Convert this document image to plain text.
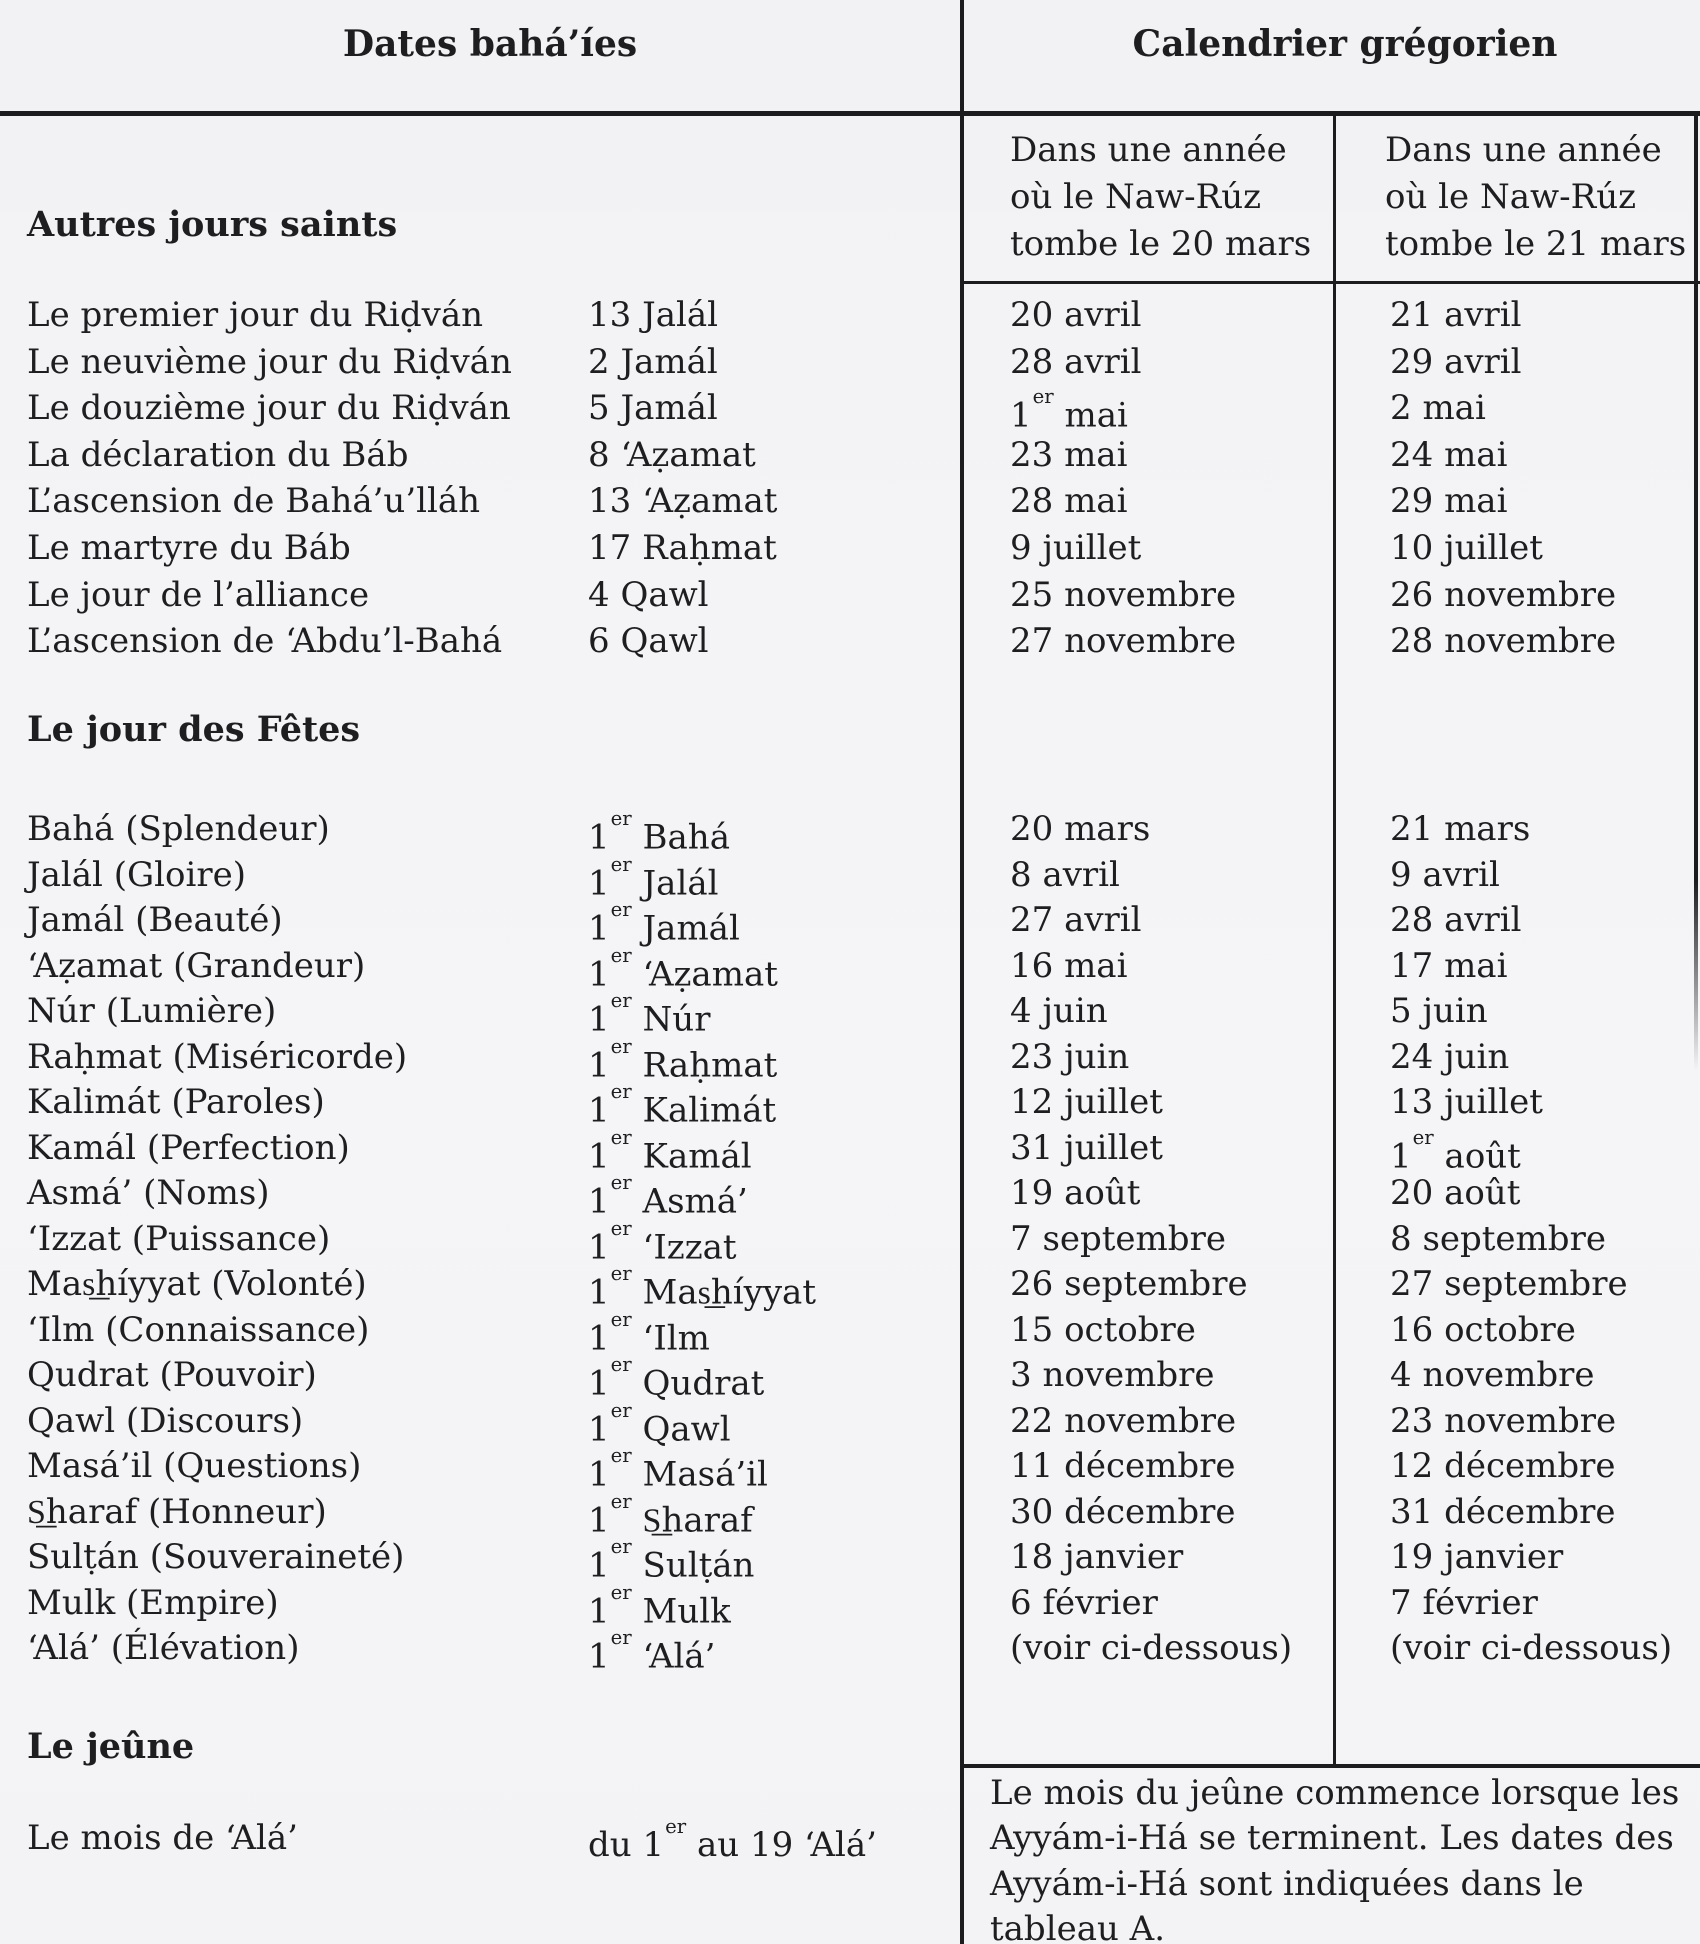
Dates bahá’íes	Calendrier grégorien
Dans une année
où le Naw-Rúz
tombe le 20 mars
Dans une année
où le Naw-Rúz
tombe le 21 mars
Autres jours saints
Le premier jour du Riḍván
Le neuvième jour du Riḍván
Le douzième jour du Riḍván
La déclaration du Báb
L’ascension de Bahá’u’lláh
Le martyre du Báb
Le jour de l’alliance
L’ascension de ‘Abdu’l-Bahá
13 Jalál
2 Jamál
5 Jamál
8 ‘Aẓamat
13 ‘Aẓamat
17 Raḥmat
4 Qawl
6 Qawl
20 avril
28 avril
1er mai
23 mai
28 mai
9 juillet
25 novembre
27 novembre
21 avril
29 avril
2 mai
24 mai
29 mai
10 juillet
26 novembre
28 novembre
Le jour des Fêtes
Bahá (Splendeur)
Jalál (Gloire)
Jamál (Beauté)
‘Aẓamat (Grandeur)
Núr (Lumière)
Raḥmat (Miséricorde)
Kalimát (Paroles)
Kamál (Perfection)
Asmá’ (Noms)
‘Izzat (Puissance)
Mas͟híyyat (Volonté)
‘Ilm (Connaissance)
Qudrat (Pouvoir)
Qawl (Discours)
Masá’il (Questions)
S͟haraf (Honneur)
Sulṭán (Souveraineté)
Mulk (Empire)
‘Alá’ (Élévation)
1er Bahá
1er Jalál
1er Jamál
1er ‘Aẓamat
1er Núr
1er Raḥmat
1er Kalimát
1er Kamál
1er Asmá’
1er ‘Izzat
1er Mas͟híyyat
1er ‘Ilm
1er Qudrat
1er Qawl
1er Masá’il
1er S͟haraf
1er Sulṭán
1er Mulk
1er ‘Alá’
20 mars
8 avril
27 avril
16 mai
4 juin
23 juin
12 juillet
31 juillet
19 août
7 septembre
26 septembre
15 octobre
3 novembre
22 novembre
11 décembre
30 décembre
18 janvier
6 février
(voir ci-dessous)
21 mars
9 avril
28 avril
17 mai
5 juin
24 juin
13 juillet
1er août
20 août
8 septembre
27 septembre
16 octobre
4 novembre
23 novembre
12 décembre
31 décembre
19 janvier
7 février
(voir ci-dessous)
Le jeûne
Le mois de ‘Alá’	du 1er au 19 ‘Alá’
Le mois du jeûne commence lorsque les
Ayyám-i-Há se terminent. Les dates des
Ayyám-i-Há sont indiquées dans le
tableau A.
